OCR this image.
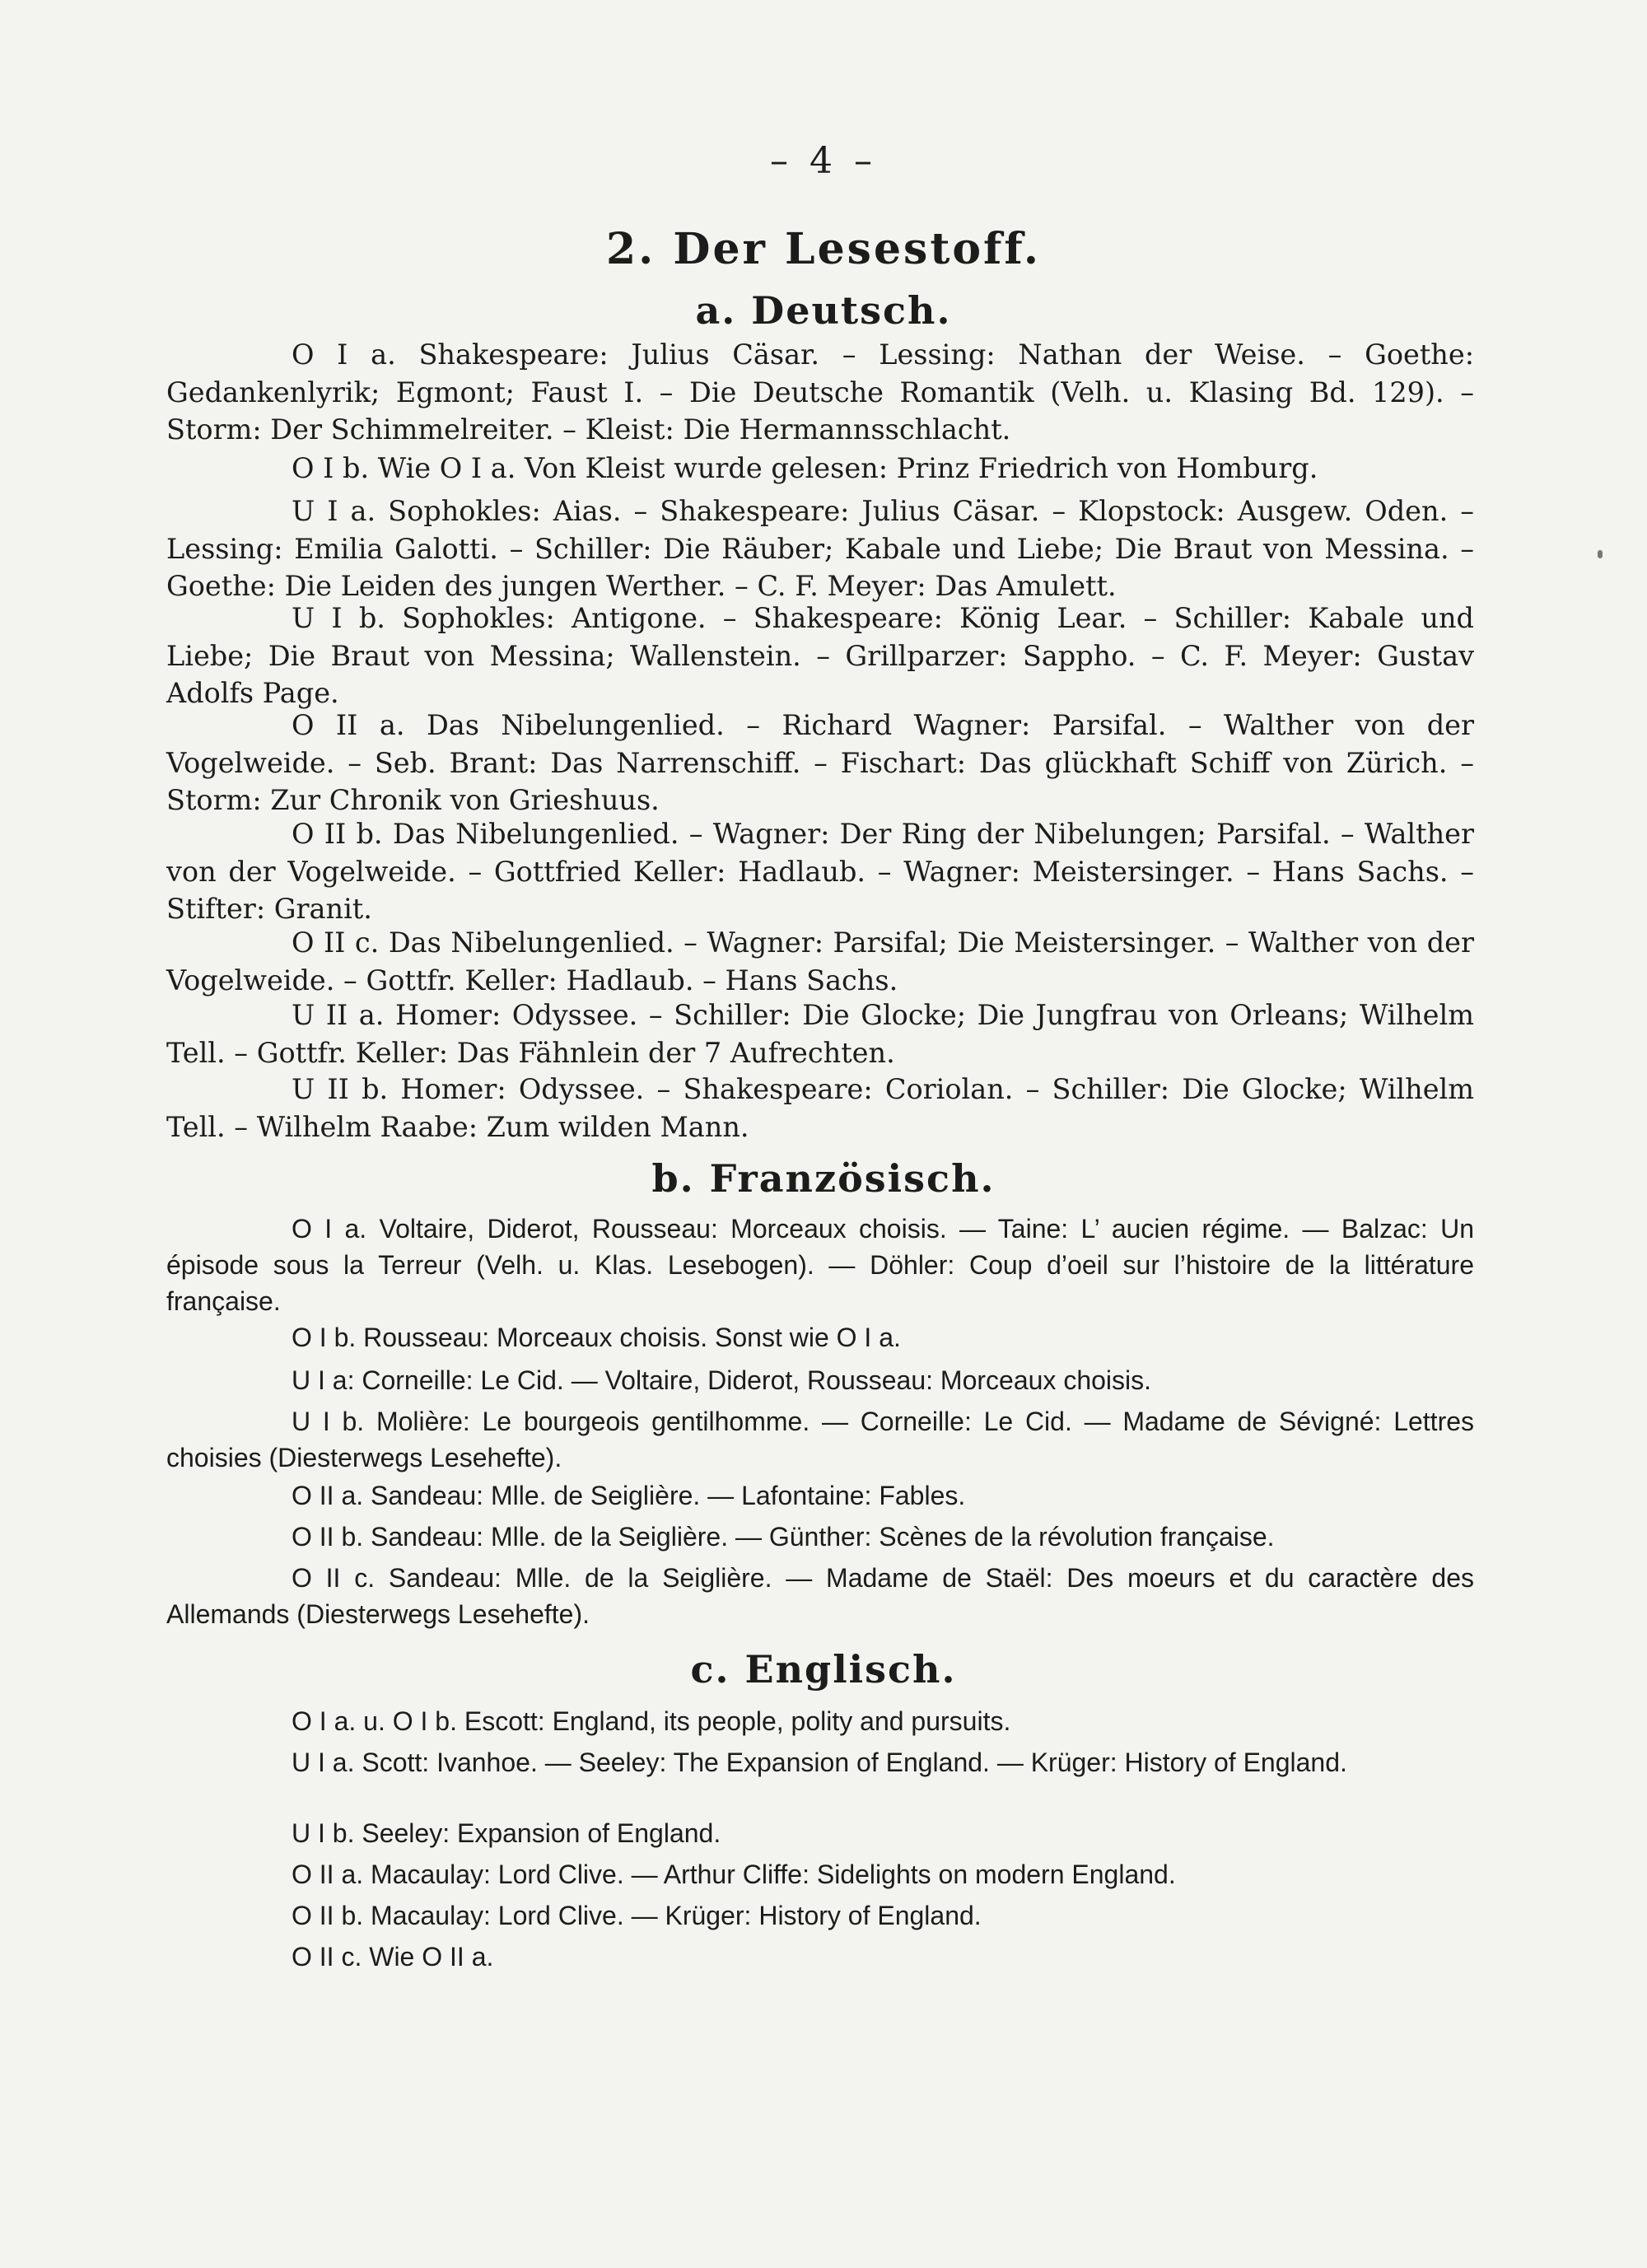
– 4 –
2. Der Lesestoff.
a. Deutsch.

O I a. Shakespeare: Julius Cäsar. – Lessing: Nathan der Weise. – Goethe: Gedankenlyrik; Egmont; Faust I. – Die Deutsche Romantik (Velh. u. Klasing Bd. 129). – Storm: Der Schimmelreiter. – Kleist: Die Hermannsschlacht.

O I b. Wie O I a. Von Kleist wurde gelesen: Prinz Friedrich von Homburg.

U I a. Sophokles: Aias. – Shakespeare: Julius Cäsar. – Klopstock: Ausgew. Oden. – Lessing: Emilia Galotti. – Schiller: Die Räuber; Kabale und Liebe; Die Braut von Messina. – Goethe: Die Leiden des jungen Werther. – C. F. Meyer: Das Amulett.

U I b. Sophokles: Antigone. – Shakespeare: König Lear. – Schiller: Kabale und Liebe; Die Braut von Messina; Wallenstein. – Grillparzer: Sappho. – C. F. Meyer: Gustav Adolfs Page.

O II a. Das Nibelungenlied. – Richard Wagner: Parsifal. – Walther von der Vogelweide. – Seb. Brant: Das Narrenschiff. – Fischart: Das glückhaft Schiff von Zürich. – Storm: Zur Chronik von Grieshuus.

O II b. Das Nibelungenlied. – Wagner: Der Ring der Nibelungen; Parsifal. – Walther von der Vogelweide. – Gottfried Keller: Hadlaub. – Wagner: Meistersinger. – Hans Sachs. – Stifter: Granit.

O II c. Das Nibelungenlied. – Wagner: Parsifal; Die Meistersinger. – Walther von der Vogelweide. – Gottfr. Keller: Hadlaub. – Hans Sachs.

U II a. Homer: Odyssee. – Schiller: Die Glocke; Die Jungfrau von Orleans; Wilhelm Tell. – Gottfr. Keller: Das Fähnlein der 7 Aufrechten.

U II b. Homer: Odyssee. – Shakespeare: Coriolan. – Schiller: Die Glocke; Wilhelm Tell. – Wilhelm Raabe: Zum wilden Mann.

b. Französisch.

O I a. Voltaire, Diderot, Rousseau: Morceaux choisis. — Taine: L’ aucien régime. — Balzac: Un épisode sous la Terreur (Velh. u. Klas. Lesebogen). — Döhler: Coup d’oeil sur l’histoire de la littérature française.

O I b. Rousseau: Morceaux choisis. Sonst wie O I a.

U I a: Corneille: Le Cid. — Voltaire, Diderot, Rousseau: Morceaux choisis.

U I b. Molière: Le bourgeois gentilhomme. — Corneille: Le Cid. — Madame de Sévigné: Lettres choisies (Diesterwegs Lesehefte).

O II a. Sandeau: Mlle. de Seiglière. — Lafontaine: Fables.

O II b. Sandeau: Mlle. de la Seiglière. — Günther: Scènes de la révolution française.

O II c. Sandeau: Mlle. de la Seiglière. — Madame de Staël: Des moeurs et du caractère des Allemands (Diesterwegs Lesehefte).

c. Englisch.

O I a. u. O I b. Escott: England, its people, polity and pursuits.

U I a. Scott: Ivanhoe. — Seeley: The Expansion of England. — Krüger: History of England.

U I b. Seeley: Expansion of England.

O II a. Macaulay: Lord Clive. — Arthur Cliffe: Sidelights on modern England.

O II b. Macaulay: Lord Clive. — Krüger: History of England.

O II c. Wie O II a.
